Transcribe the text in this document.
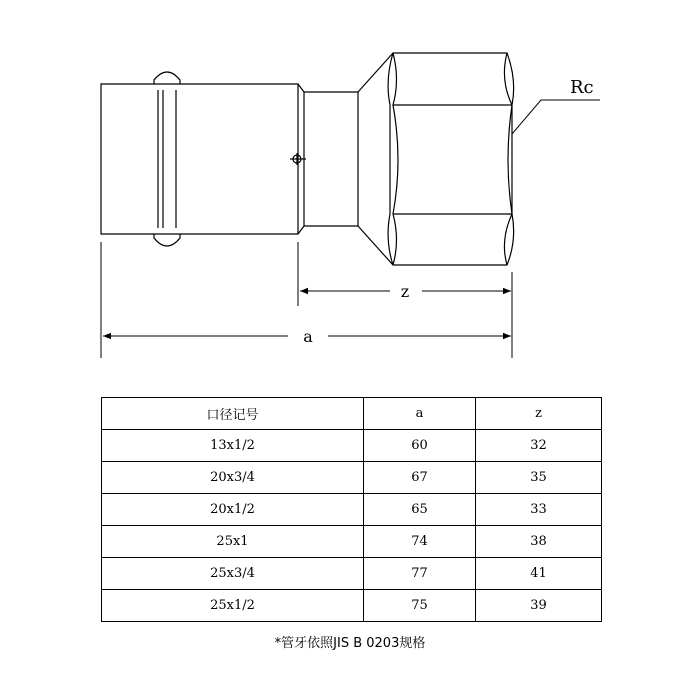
Rc
z
a
口径记号	a	z
13x1/2	60	32
20x3/4	67	35
20x1/2	65	33
25x1	74	38
25x3/4	77	41
25x1/2	75	39
*管牙依照JIS B 0203规格
